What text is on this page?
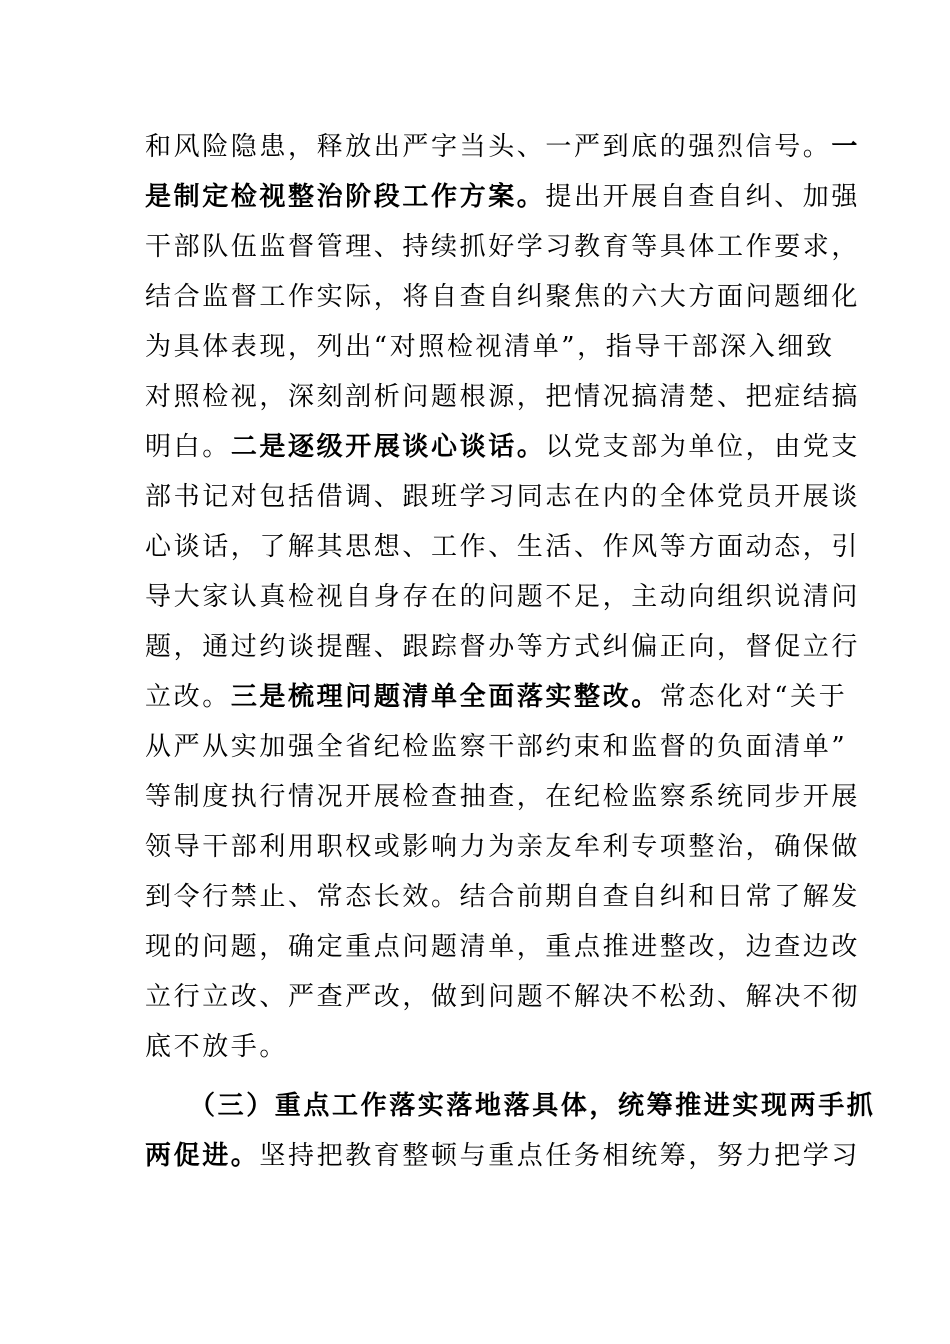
和风险隐患，释放出严字当头、一严到底的强烈信号。一
是制定检视整治阶段工作方案。提出开展自查自纠、加强
干部队伍监督管理、持续抓好学习教育等具体工作要求，
结合监督工作实际，将自查自纠聚焦的六大方面问题细化
为具体表现，列出“对照检视清单”，指导干部深入细致
对照检视，深刻剖析问题根源，把情况搞清楚、把症结搞
明白。二是逐级开展谈心谈话。以党支部为单位，由党支
部书记对包括借调、跟班学习同志在内的全体党员开展谈
心谈话，了解其思想、工作、生活、作风等方面动态，引
导大家认真检视自身存在的问题不足，主动向组织说清问
题，通过约谈提醒、跟踪督办等方式纠偏正向，督促立行
立改。三是梳理问题清单全面落实整改。常态化对“关于
从严从实加强全省纪检监察干部约束和监督的负面清单”
等制度执行情况开展检查抽查，在纪检监察系统同步开展
领导干部利用职权或影响力为亲友牟利专项整治，确保做
到令行禁止、常态长效。结合前期自查自纠和日常了解发
现的问题，确定重点问题清单，重点推进整改，边查边改
立行立改、严查严改，做到问题不解决不松劲、解决不彻
底不放手。
（三）重点工作落实落地落具体，统筹推进实现两手抓
两促进。坚持把教育整顿与重点任务相统筹，努力把学习
